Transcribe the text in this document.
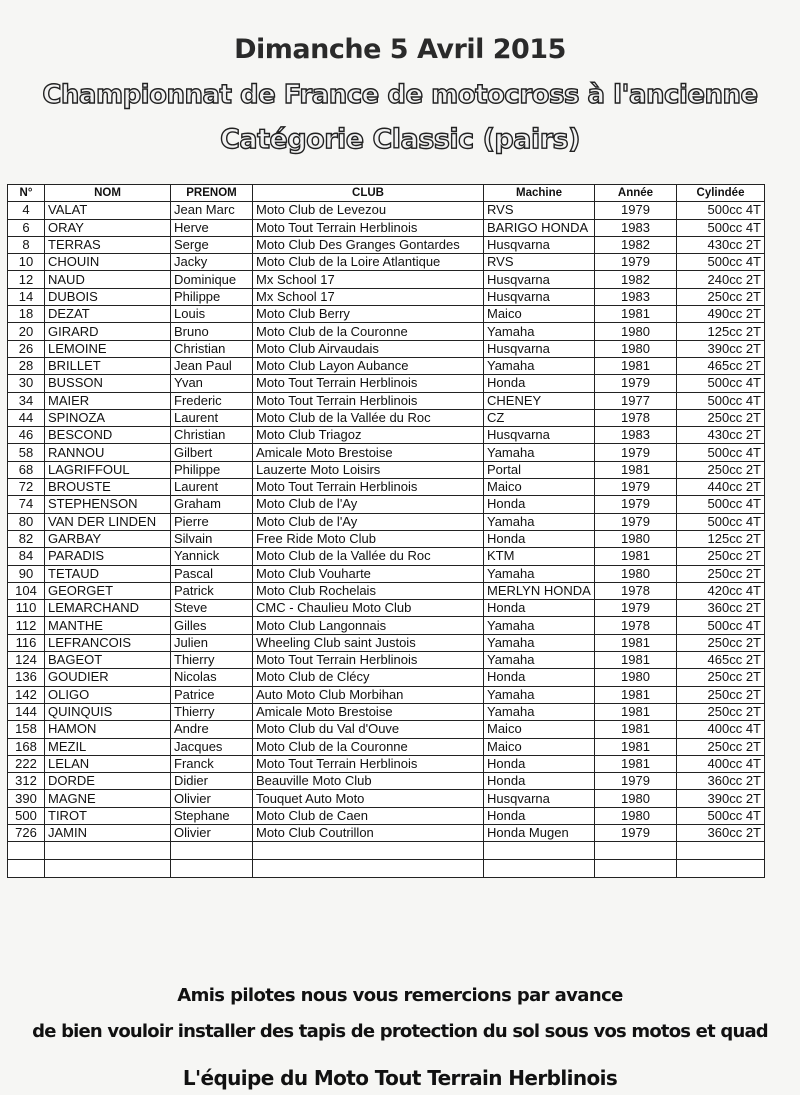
Dimanche 5 Avril 2015
Championnat de France de motocross à l'ancienne
Catégorie Classic (pairs)
N°	NOM	PRENOM	CLUB	Machine	Année	Cylindée
4	VALAT	Jean Marc	Moto Club de Levezou	RVS	1979	500cc 4T
6	ORAY	Herve	Moto Tout Terrain Herblinois	BARIGO HONDA	1983	500cc 4T
8	TERRAS	Serge	Moto Club Des Granges Gontardes	Husqvarna	1982	430cc 2T
10	CHOUIN	Jacky	Moto Club de la Loire Atlantique	RVS	1979	500cc 4T
12	NAUD	Dominique	Mx School 17	Husqvarna	1982	240cc 2T
14	DUBOIS	Philippe	Mx School 17	Husqvarna	1983	250cc 2T
18	DEZAT	Louis	Moto Club Berry	Maico	1981	490cc 2T
20	GIRARD	Bruno	Moto Club de la Couronne	Yamaha	1980	125cc 2T
26	LEMOINE	Christian	Moto Club Airvaudais	Husqvarna	1980	390cc 2T
28	BRILLET	Jean Paul	Moto Club Layon Aubance	Yamaha	1981	465cc 2T
30	BUSSON	Yvan	Moto Tout Terrain Herblinois	Honda	1979	500cc 4T
34	MAIER	Frederic	Moto Tout Terrain Herblinois	CHENEY	1977	500cc 4T
44	SPINOZA	Laurent	Moto Club de la Vallée du Roc	CZ	1978	250cc 2T
46	BESCOND	Christian	Moto Club Triagoz	Husqvarna	1983	430cc 2T
58	RANNOU	Gilbert	Amicale Moto Brestoise	Yamaha	1979	500cc 4T
68	LAGRIFFOUL	Philippe	Lauzerte Moto Loisirs	Portal	1981	250cc 2T
72	BROUSTE	Laurent	Moto Tout Terrain Herblinois	Maico	1979	440cc 2T
74	STEPHENSON	Graham	Moto Club de l'Ay	Honda	1979	500cc 4T
80	VAN DER LINDEN	Pierre	Moto Club de l'Ay	Yamaha	1979	500cc 4T
82	GARBAY	Silvain	Free Ride Moto Club	Honda	1980	125cc 2T
84	PARADIS	Yannick	Moto Club de la Vallée du Roc	KTM	1981	250cc 2T
90	TETAUD	Pascal	Moto Club Vouharte	Yamaha	1980	250cc 2T
104	GEORGET	Patrick	Moto Club Rochelais	MERLYN HONDA	1978	420cc 4T
110	LEMARCHAND	Steve	CMC - Chaulieu Moto Club	Honda	1979	360cc 2T
112	MANTHE	Gilles	Moto Club Langonnais	Yamaha	1978	500cc 4T
116	LEFRANCOIS	Julien	Wheeling Club saint Justois	Yamaha	1981	250cc 2T
124	BAGEOT	Thierry	Moto Tout Terrain Herblinois	Yamaha	1981	465cc 2T
136	GOUDIER	Nicolas	Moto Club de Clécy	Honda	1980	250cc 2T
142	OLIGO	Patrice	Auto Moto Club Morbihan	Yamaha	1981	250cc 2T
144	QUINQUIS	Thierry	Amicale Moto Brestoise	Yamaha	1981	250cc 2T
158	HAMON	Andre	Moto Club du Val d'Ouve	Maico	1981	400cc 4T
168	MEZIL	Jacques	Moto Club de la Couronne	Maico	1981	250cc 2T
222	LELAN	Franck	Moto Tout Terrain Herblinois	Honda	1981	400cc 4T
312	DORDE	Didier	Beauville Moto Club	Honda	1979	360cc 2T
390	MAGNE	Olivier	Touquet Auto Moto	Husqvarna	1980	390cc 2T
500	TIROT	Stephane	Moto Club de Caen	Honda	1980	500cc 4T
726	JAMIN	Olivier	Moto Club Coutrillon	Honda Mugen	1979	360cc 2T

Amis pilotes nous vous remercions par avance
de bien vouloir installer des tapis de protection du sol sous vos motos et quad
L'équipe du Moto Tout Terrain Herblinois
